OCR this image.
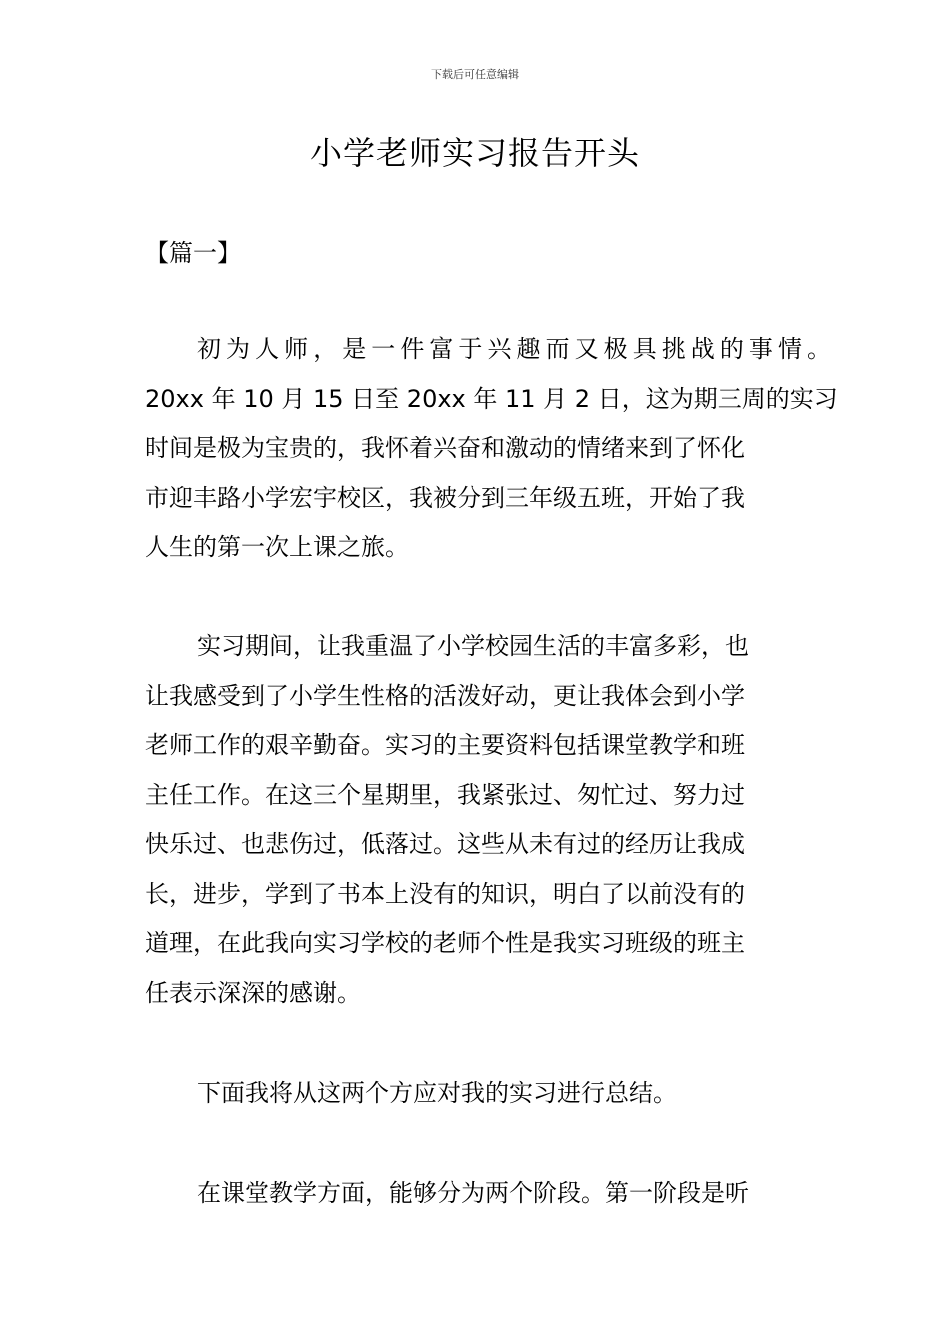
下载后可任意编辑
小学老师实习报告开头
【篇一】
初为人师，是一件富于兴趣而又极具挑战的事情。
20xx 年 10 月 15 日至 20xx 年 11 月 2 日，这为期三周的实习
时间是极为宝贵的，我怀着兴奋和激动的情绪来到了怀化
市迎丰路小学宏宇校区，我被分到三年级五班，开始了我
人生的第一次上课之旅。
实习期间，让我重温了小学校园生活的丰富多彩，也
让我感受到了小学生性格的活泼好动，更让我体会到小学
老师工作的艰辛勤奋。实习的主要资料包括课堂教学和班
主任工作。在这三个星期里，我紧张过、匆忙过、努力过
快乐过、也悲伤过，低落过。这些从未有过的经历让我成
长，进步，学到了书本上没有的知识，明白了以前没有的
道理，在此我向实习学校的老师个性是我实习班级的班主
任表示深深的感谢。
下面我将从这两个方应对我的实习进行总结。
在课堂教学方面，能够分为两个阶段。第一阶段是听
